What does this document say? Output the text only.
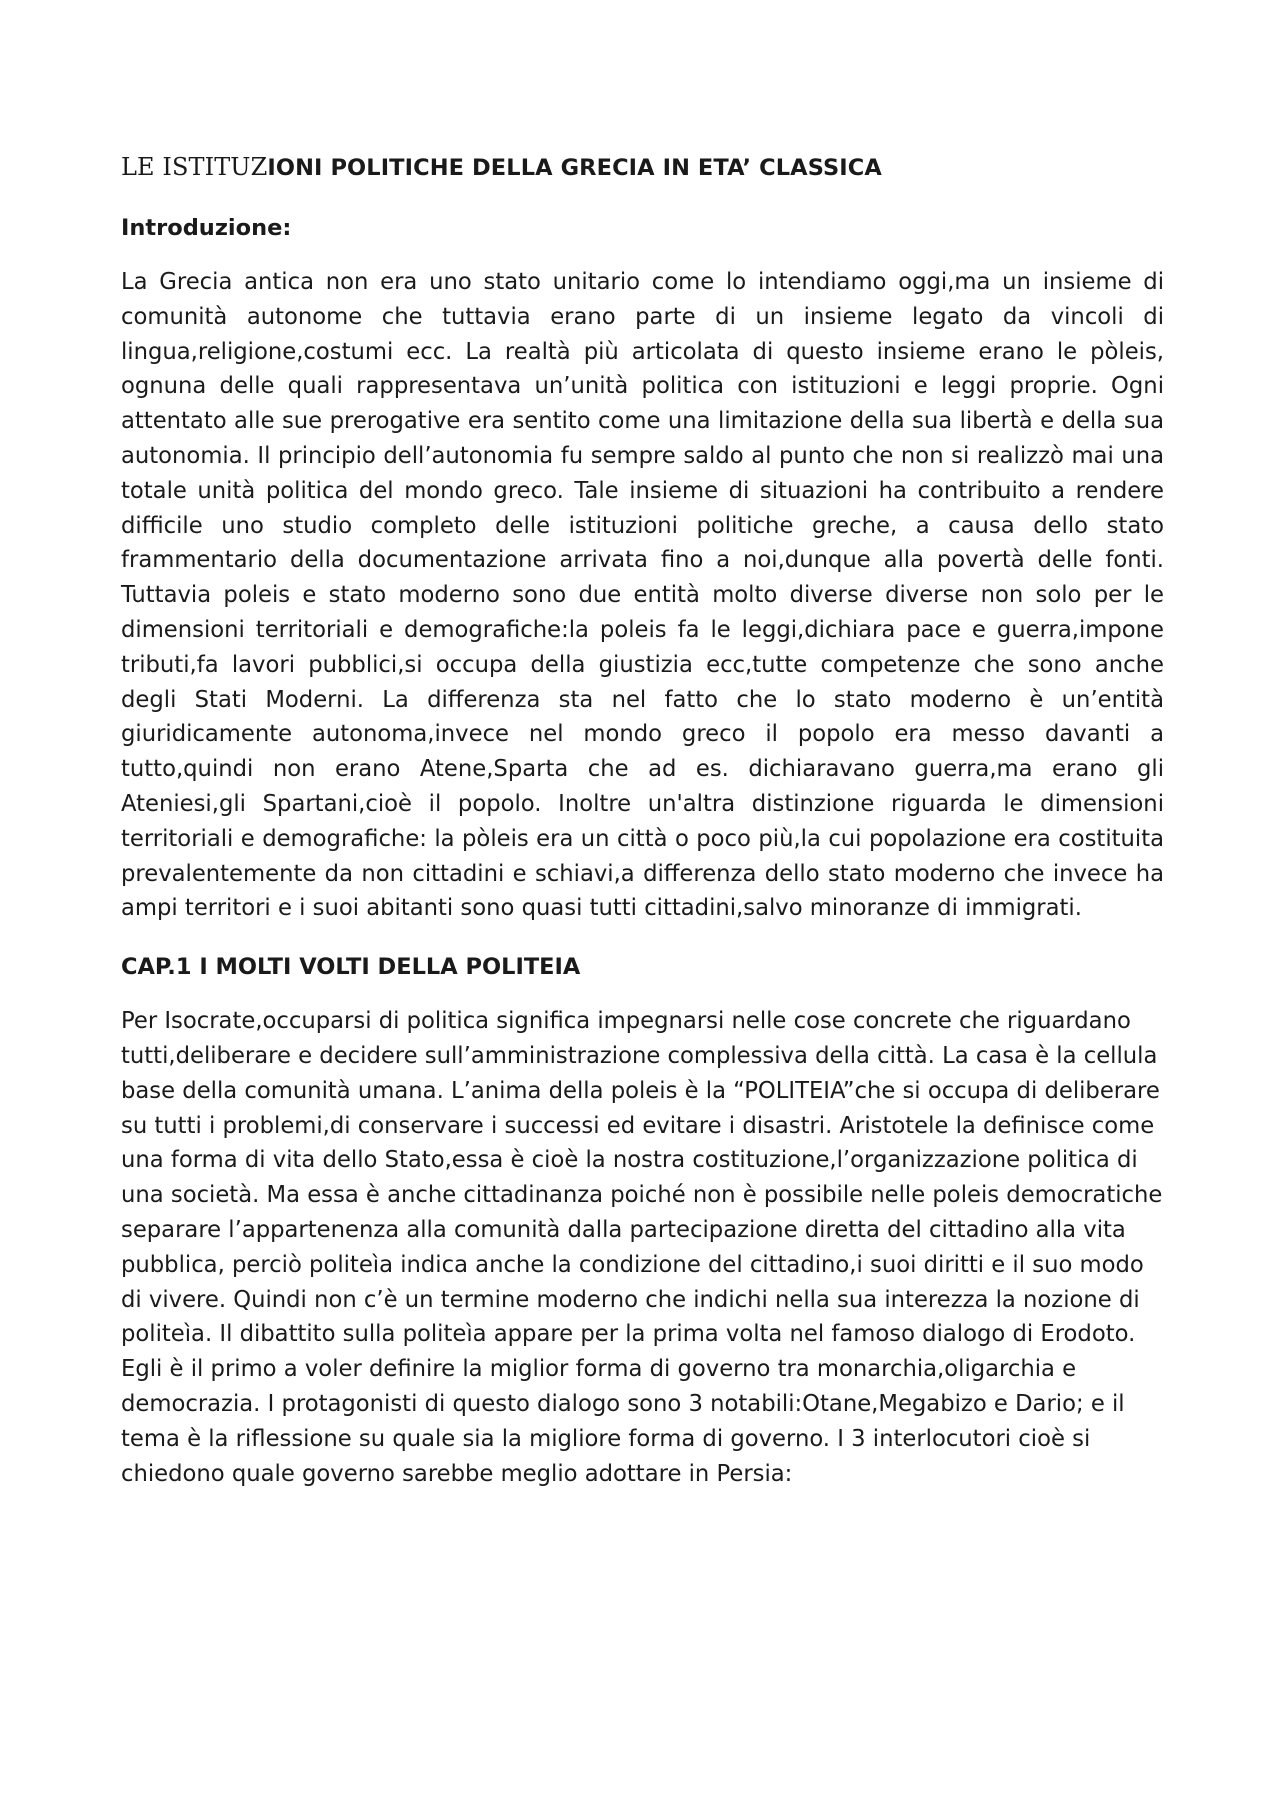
LE ISTITUZIONI POLITICHE DELLA GRECIA IN ETA’ CLASSICA
Introduzione:

La Grecia antica non era uno stato unitario come lo intendiamo oggi,ma un insieme di comunità autonome che tuttavia erano parte di un insieme legato da vincoli di lingua,religione,costumi ecc. La realtà più articolata di questo insieme erano le pòleis, ognuna delle quali rappresentava un’unità politica con istituzioni e leggi proprie. Ogni attentato alle sue prerogative era sentito come una limitazione della sua libertà e della sua autonomia. Il principio dell’autonomia fu sempre saldo al punto che non si realizzò mai una totale unità politica del mondo greco. Tale insieme di situazioni ha contribuito a rendere difficile uno studio completo delle istituzioni politiche greche, a causa dello stato frammentario della documentazione arrivata fino a noi,dunque alla povertà delle fonti. Tuttavia poleis e stato moderno sono due entità molto diverse diverse non solo per le dimensioni territoriali e demografiche:la poleis fa le leggi,dichiara pace e guerra,impone tributi,fa lavori pubblici,si occupa della giustizia ecc,tutte competenze che sono anche degli Stati Moderni. La differenza sta nel fatto che lo stato moderno è un’entità giuridicamente autonoma,invece nel mondo greco il popolo era messo davanti a tutto,quindi non erano Atene,Sparta che ad es. dichiaravano guerra,ma erano gli Ateniesi,gli Spartani,cioè il popolo. Inoltre un'altra distinzione riguarda le dimensioni territoriali e demografiche: la pòleis era un città o poco più,la cui popolazione era costituita prevalentemente da non cittadini e schiavi,a differenza dello stato moderno che invece ha ampi territori e i suoi abitanti sono quasi tutti cittadini,salvo minoranze di immigrati.

CAP.1 I MOLTI VOLTI DELLA POLITEIA

Per Isocrate,occuparsi di politica significa impegnarsi nelle cose concrete che riguardano tutti,deliberare e decidere sull’amministrazione complessiva della città. La casa è la cellula base della comunità umana. L’anima della poleis è la “POLITEIA”che si occupa di deliberare su tutti i problemi,di conservare i successi ed evitare i disastri. Aristotele la definisce come una forma di vita dello Stato,essa è cioè la nostra costituzione,l’organizzazione politica di una società. Ma essa è anche cittadinanza poiché non è possibile nelle poleis democratiche separare l’appartenenza alla comunità dalla partecipazione diretta del cittadino alla vita pubblica, perciò politeìa indica anche la condizione del cittadino,i suoi diritti e il suo modo di vivere. Quindi non c’è un termine moderno che indichi nella sua interezza la nozione di politeìa. Il dibattito sulla politeìa appare per la prima volta nel famoso dialogo di Erodoto. Egli è il primo a voler definire la miglior forma di governo tra monarchia,oligarchia e democrazia. I protagonisti di questo dialogo sono 3 notabili:Otane,Megabizo e Dario; e il tema è la riflessione su quale sia la migliore forma di governo. I 3 interlocutori cioè si chiedono quale governo sarebbe meglio adottare in Persia:
